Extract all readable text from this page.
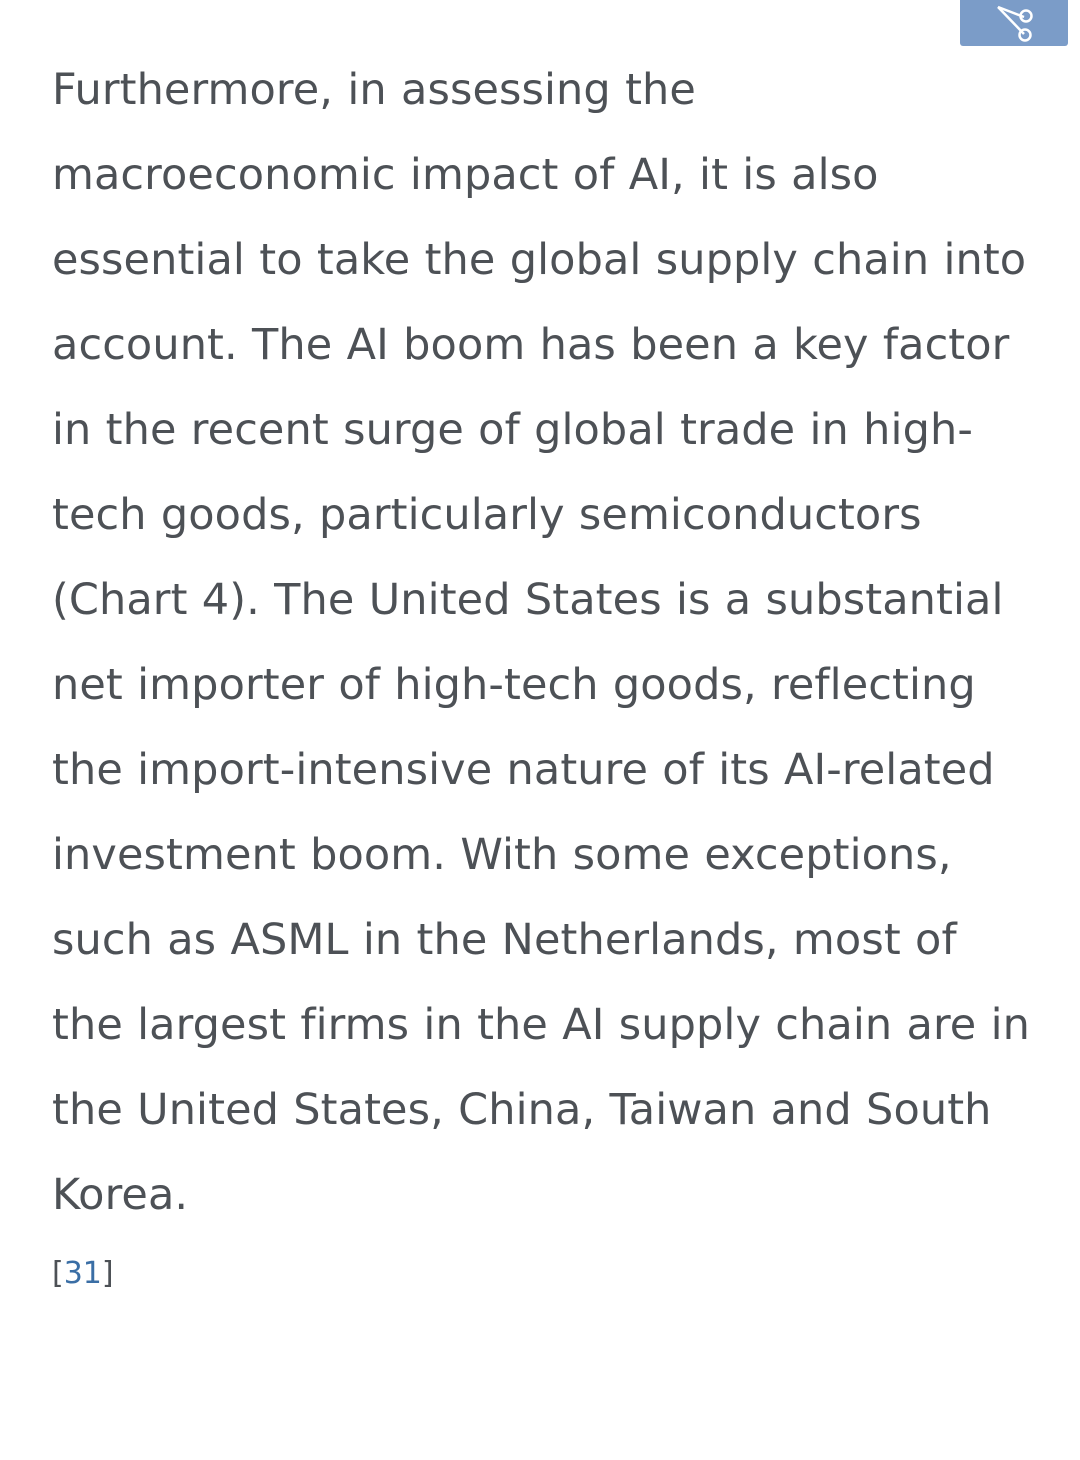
Furthermore, in assessing the macroeconomic impact of AI, it is also essential to take the global supply chain into account. The AI boom has been a key factor in the recent surge of global trade in high-tech goods, particularly semiconductors (Chart 4). The United States is a substantial net importer of high-tech goods, reflecting the import-intensive nature of its AI-related investment boom. With some exceptions, such as ASML in the Netherlands, most of the largest firms in the AI supply chain are in the United States, China, Taiwan and South Korea.

[31]
